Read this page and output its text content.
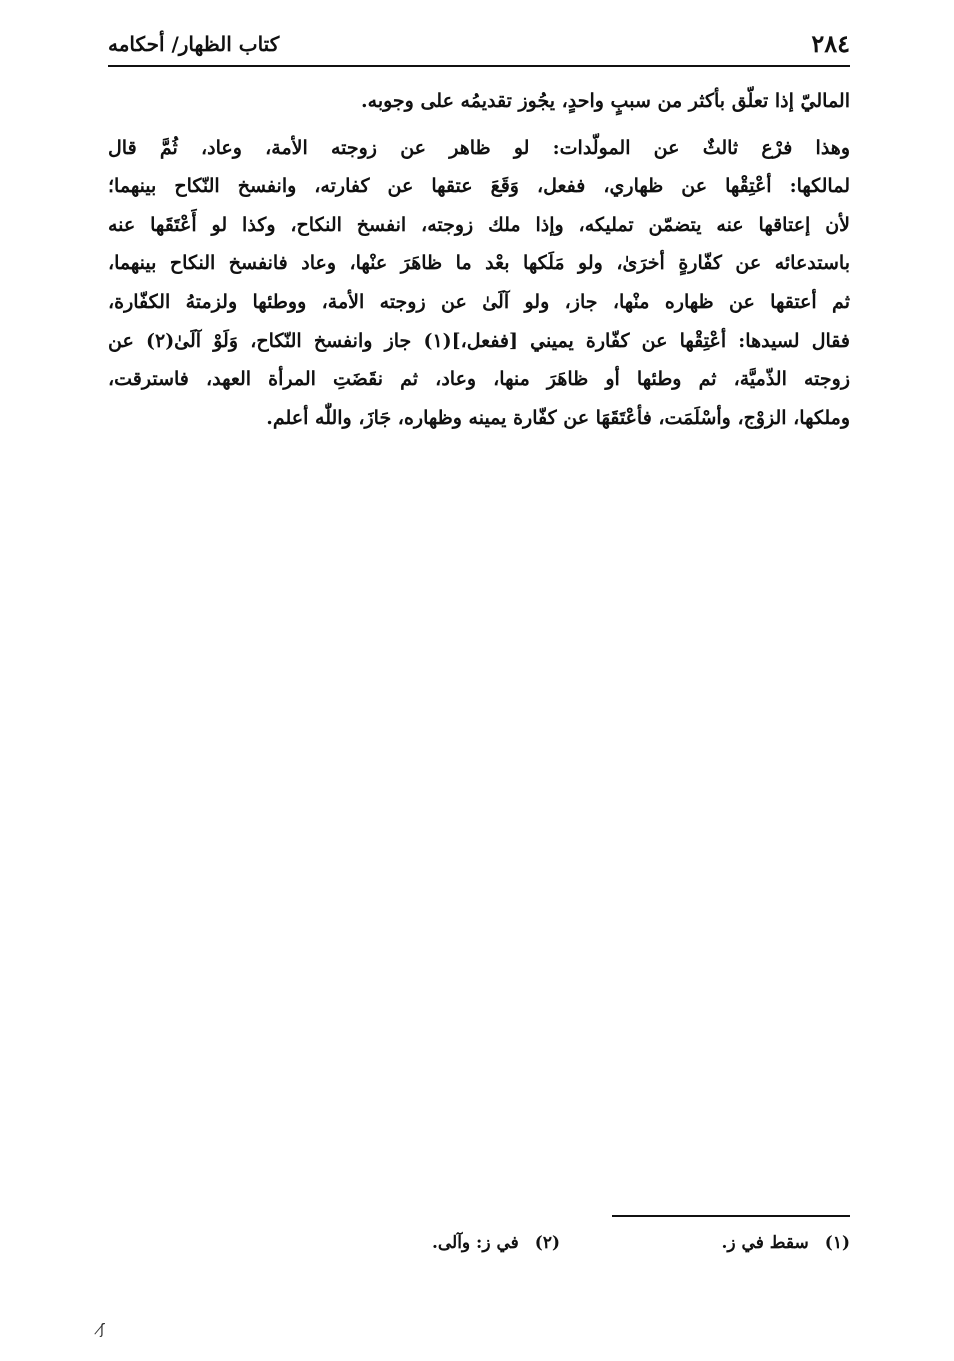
٢٨٤
كتاب الظهار/ أحكامه

الماليّ إذا تعلّق بأكثر من سببٍ واحدٍ، يجُوز تقديمُه على وجوبه.

وهذا فرْع ثالثٌ عن المولّدات: لو ظاهر عن زوجته الأمة، وعاد، ثُمَّ قال
لمالكها: أعْتِقْها عن ظهاري، ففعل، وَقَعَ عتقها عن كفارته، وانفسخ النّكاح بينهما؛
لأن إعتاقها عنه يتضمّن تمليكه، وإذا ملك زوجته، انفسخ النكاح، وكذا لو أَعْتَقَها عنه
باستدعائه عن كفّارةٍ أخرَىٰ، ولو مَلَكها بعْد ما ظاهَرَ عنْها، وعاد فانفسخ النكاح بينهما،
ثم أعتقها عن ظهاره منْها، جاز، ولو آلَىٰ عن زوجته الأمة، ووطئها ولزمتهُ الكفّارة،
فقال لسيدها: أعْتِقْها عن كفّارة يميني [ففعل،](١) جاز وانفسخ النّكاح، وَلَوْ آلَىٰ(٢) عن
زوجته الذّميَّة، ثم وطئها أو ظاهَرَ منها، وعاد، ثم نقَضَتِ المرأة العهد، فاسترقت،
وملكها، الزوْج، وأسْلَمَت، فأعْتَقَهَا عن كفّارة يمينه وظهاره، جَازَ، واللّٰه أعلم.

(١)سقط في ز.
(٢)في ز: وآلى.
ʃ̸
